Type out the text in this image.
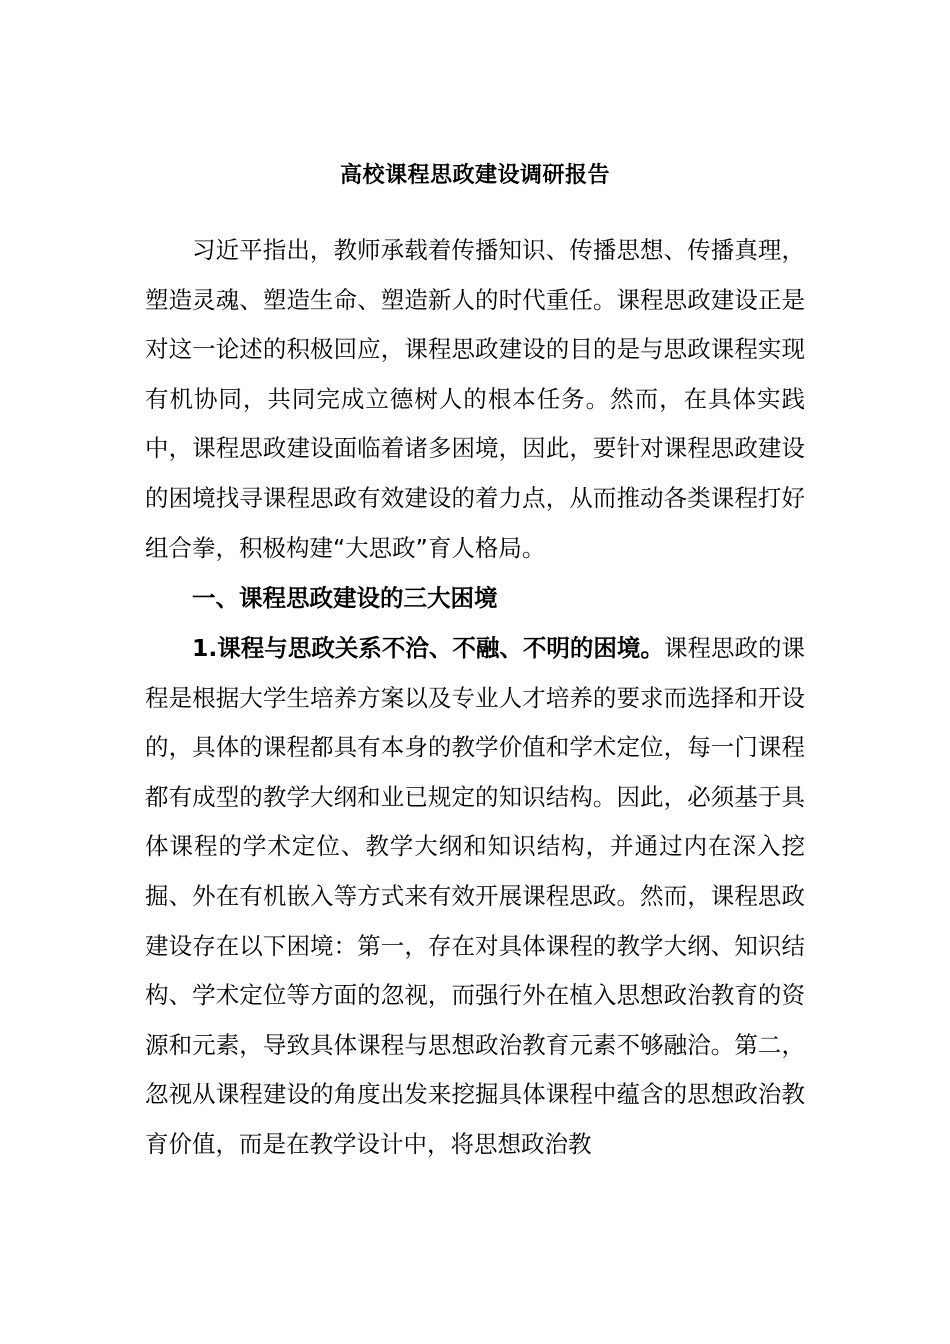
高校课程思政建设调研报告

习近平指出，教师承载着传播知识、传播思想、传播真理，塑造灵魂、塑造生命、塑造新人的时代重任。课程思政建设正是对这一论述的积极回应，课程思政建设的目的是与思政课程实现有机协同，共同完成立德树人的根本任务。然而，在具体实践中，课程思政建设面临着诸多困境，因此，要针对课程思政建设的困境找寻课程思政有效建设的着力点，从而推动各类课程打好组合拳，积极构建“大思政”育人格局。

一、课程思政建设的三大困境

1.课程与思政关系不洽、不融、不明的困境。课程思政的课程是根据大学生培养方案以及专业人才培养的要求而选择和开设的，具体的课程都具有本身的教学价值和学术定位，每一门课程都有成型的教学大纲和业已规定的知识结构。因此，必须基于具体课程的学术定位、教学大纲和知识结构，并通过内在深入挖掘、外在有机嵌入等方式来有效开展课程思政。然而，课程思政建设存在以下困境：第一，存在对具体课程的教学大纲、知识结构、学术定位等方面的忽视，而强行外在植入思想政治教育的资源和元素，导致具体课程与思想政治教育元素不够融洽。第二，忽视从课程建设的角度出发来挖掘具体课程中蕴含的思想政治教育价值，而是在教学设计中，将思想政治教
